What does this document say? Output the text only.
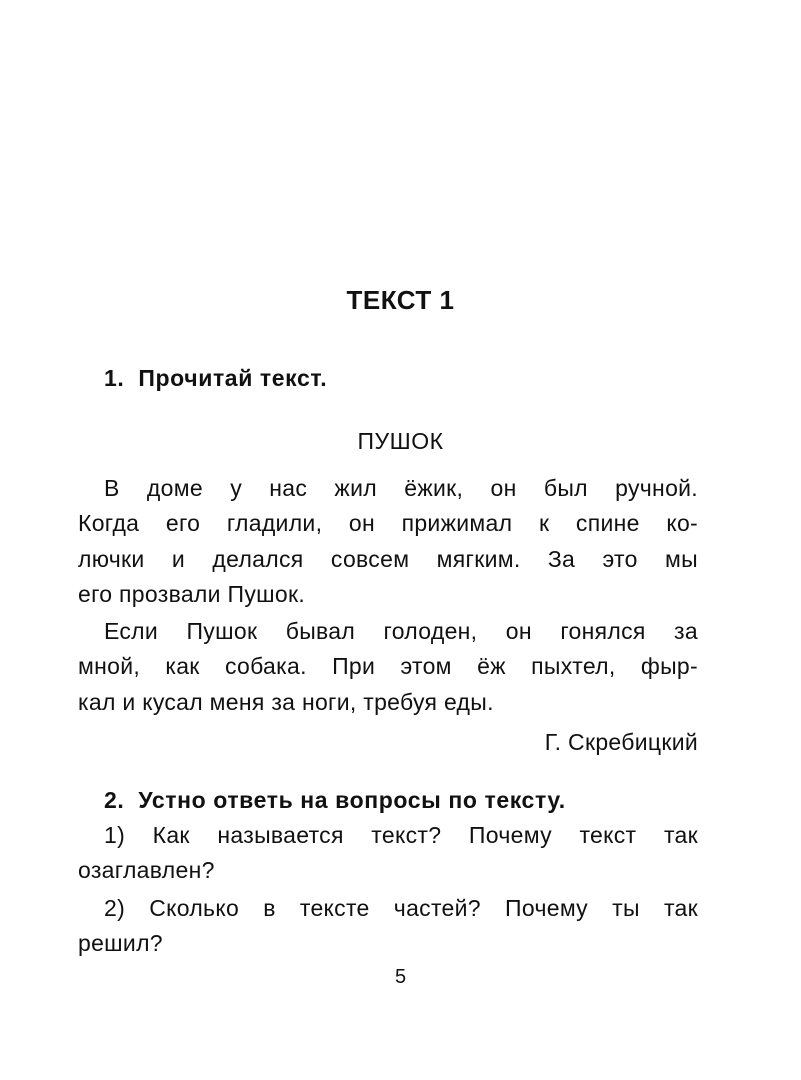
ТЕКСТ 1
1. Прочитай текст.
ПУШОК
В доме у нас жил ёжик, он был ручной.
Когда его гладили, он прижимал к спине ко-
лючки и делался совсем мягким. За это мы
его прозвали Пушок.
Если Пушок бывал голоден, он гонялся за
мной, как собака. При этом ёж пыхтел, фыр-
кал и кусал меня за ноги, требуя еды.
Г. Скребицкий
2. Устно ответь на вопросы по тексту.
1) Как называется текст? Почему текст так
озаглавлен?
2) Сколько в тексте частей? Почему ты так
решил?
5
